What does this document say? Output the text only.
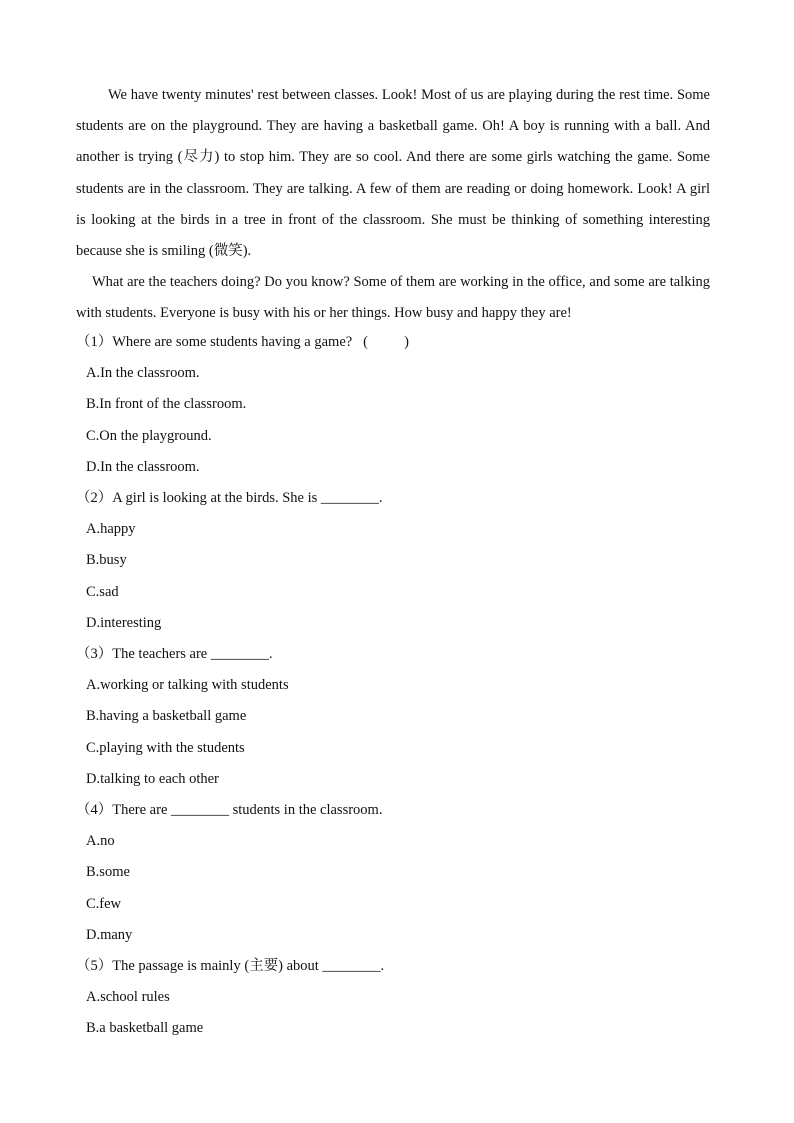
We have twenty minutes' rest between classes. Look! Most of us are playing during the rest time. Some students are on the playground. They are having a basketball game. Oh! A boy is running with a ball. And another is trying (尽力) to stop him. They are so cool. And there are some girls watching the game. Some students are in the classroom. They are talking. A few of them are reading or doing homework. Look! A girl is looking at the birds in a tree in front of the classroom. She must be thinking of something interesting because she is smiling (微笑).

What are the teachers doing? Do you know? Some of them are working in the office, and some are talking with students. Everyone is busy with his or her things. How busy and happy they are!

（1）Where are some students having a game?   (          )
A.In the classroom.
B.In front of the classroom.
C.On the playground.
D.In the classroom.
（2）A girl is looking at the birds. She is ________.
A.happy
B.busy
C.sad
D.interesting
（3）The teachers are ________.
A.working or talking with students
B.having a basketball game
C.playing with the students
D.talking to each other
（4）There are ________ students in the classroom.
A.no
B.some
C.few
D.many
（5）The passage is mainly (主要) about ________.
A.school rules
B.a basketball game
